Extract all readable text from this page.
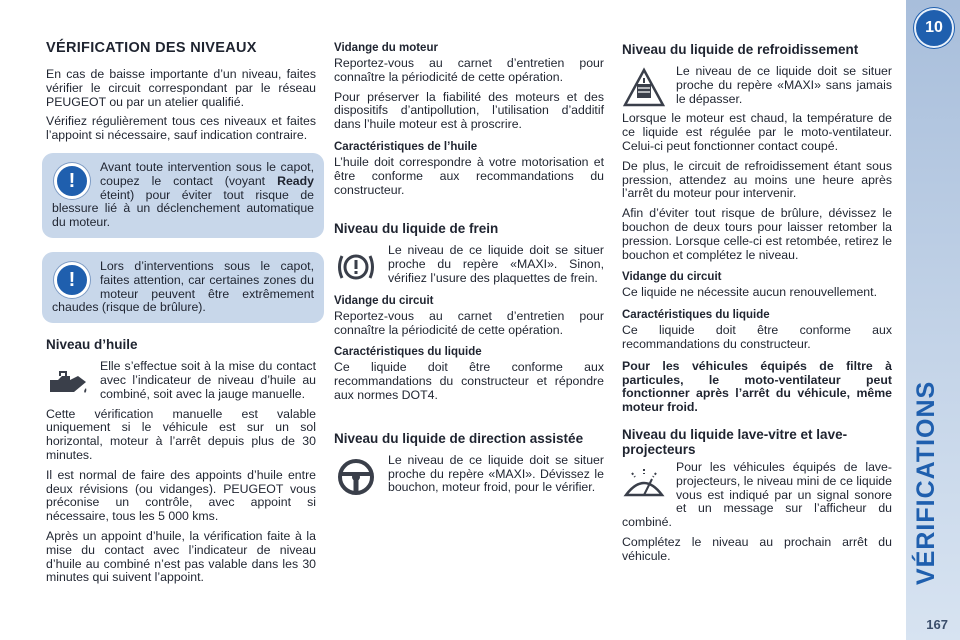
VÉRIFICATION DES NIVEAUX

En cas de baisse importante d’un niveau, faites vérifier le circuit correspondant par le réseau PEUGEOT ou par un atelier qualifié.

Vérifiez régulièrement tous ces niveaux et faites l’appoint si nécessaire, sauf indication contraire.

!

Avant toute intervention sous le capot, coupez le contact (voyant Ready éteint) pour éviter tout risque de blessure lié à un déclenchement automatique du moteur.

!

Lors d’interventions sous le capot, faites attention, car certaines zones du moteur peuvent être extrêmement chaudes (risque de brûlure).

Niveau d’huile

Elle s’effectue soit à la mise du contact avec l’indicateur de niveau d’huile au combiné, soit avec la jauge manuelle.

Cette vérification manuelle est valable uniquement si le véhicule est sur un sol horizontal, moteur à l’arrêt depuis plus de 30 minutes.

Il est normal de faire des appoints d’huile entre deux révisions (ou vidanges). PEUGEOT vous préconise un contrôle, avec appoint si nécessaire, tous les 5 000 kms.

Après un appoint d’huile, la vérification faite à la mise du contact avec l’indicateur de niveau d’huile au combiné n’est pas valable dans les 30 minutes qui suivent l’appoint.

Vidange du moteur

Reportez-vous au carnet d’entretien pour connaître la périodicité de cette opération.

Pour préserver la fiabilité des moteurs et des dispositifs d’antipollution, l’utilisation d’additif dans l’huile moteur est à proscrire.

Caractéristiques de l’huile

L’huile doit correspondre à votre motorisation et être conforme aux recommandations du constructeur.

Niveau du liquide de frein

Le niveau de ce liquide doit se situer proche du repère «MAXI». Sinon, vérifiez l’usure des plaquettes de frein.

Vidange du circuit

Reportez-vous au carnet d’entretien pour connaître la périodicité de cette opération.

Caractéristiques du liquide

Ce liquide doit être conforme aux recommandations du constructeur et répondre aux normes DOT4.

Niveau du liquide de direction assistée

Le niveau de ce liquide doit se situer proche du repère «MAXI». Dévissez le bouchon, moteur froid, pour le vérifier.

Niveau du liquide de refroidissement

Le niveau de ce liquide doit se situer proche du repère «MAXI» sans jamais le dépasser.

Lorsque le moteur est chaud, la température de ce liquide est régulée par le moto-ventilateur. Celui-ci peut fonctionner contact coupé.

De plus, le circuit de refroidissement étant sous pression, attendez au moins une heure après l’arrêt du moteur pour intervenir.

Afin d’éviter tout risque de brûlure, dévissez le bouchon de deux tours pour laisser retomber la pression. Lorsque celle-ci est retombée, retirez le bouchon et complétez le niveau.

Vidange du circuit

Ce liquide ne nécessite aucun renouvellement.

Caractéristiques du liquide

Ce liquide doit être conforme aux recommandations du constructeur.

Pour les véhicules équipés de filtre à particules, le moto-ventilateur peut fonctionner après l’arrêt du véhicule, même moteur froid.

Niveau du liquide lave-vitre et lave-projecteurs

Pour les véhicules équipés de lave-projecteurs, le niveau mini de ce liquide vous est indiqué par un signal sonore et un message sur l’afficheur du combiné.

Complétez le niveau au prochain arrêt du véhicule.

10
VÉRIFICATIONS
167
